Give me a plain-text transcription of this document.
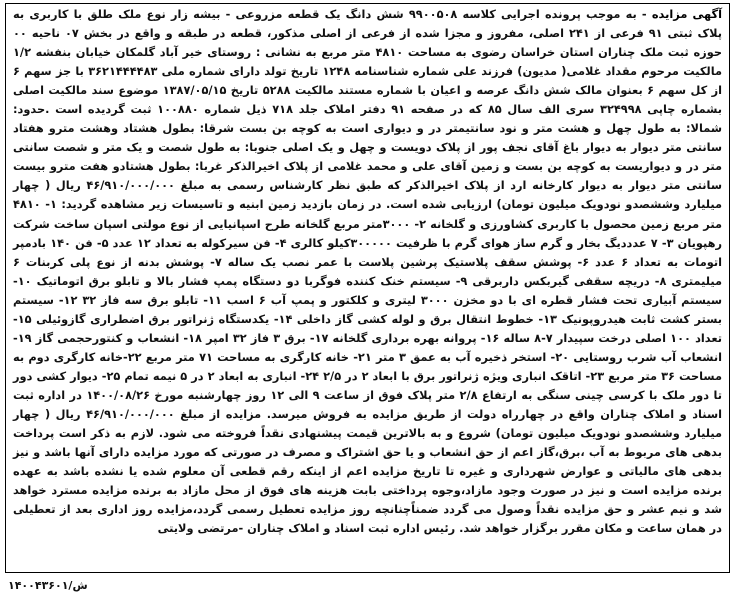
آگهی مزایده - به موجب پرونده اجرایی کلاسه ۹۹۰۰۵۰۸ شش دانگ یک قطعه مزروعی - بیشه زار نوع ملک طلق با کاربری به پلاک ثبتی ۹۱ فرعی از ۲۴۱ اصلی، مفروز و مجزا شده از فرعی از اصلی مذکور، قطعه در طبقه و واقع در بخش ۰۷ ناحیه ۰۰ حوزه ثبت ملک چناران استان خراسان رضوی به مساحت ۴۸۱۰ متر مربع به نشانی : روستای خیر آباد گلمکان خیابان بنفشه ۱/۲ مالکیت مرحوم مقداد غلامی( مدیون) فرزند علی شماره شناسنامه ۱۲۴۸ تاریخ تولد دارای شماره ملی ۳۶۲۱۴۴۴۴۸۳ با جز سهم ۶ از کل سهم ۶ بعنوان مالک شش دانگ عرصه و اعیان با شماره مستند مالکیت ۵۲۸۸ تاریخ ۱۳۸۷/۰۵/۱۵ موضوع سند مالکیت اصلی بشماره چاپی ۳۲۴۹۹۸ سری الف سال ۸۵ که در صفحه ۹۱ دفتر املاک جلد ۷۱۸ ذیل شماره ۱۰۰۸۸۰ ثبت گردیده است .حدود: شمالا: به طول چهل و هشت متر و نود سانتیمتر در و دیواری است به کوچه بن بست شرقا: بطول هشتاد وهشت مترو هفتاد سانتی متر دیوار به دیوار باغ آقای نجف پور از پلاک دویست و چهل و یک اصلی جنوبا: به طول شصت و یک متر و شصت سانتی متر در و دیواریست به کوچه بن بست و زمین آقای علی و محمد غلامی از پلاک اخیرالذکر غربا: بطول هشتادو هفت مترو بیست سانتی متر دیوار به دیوار کارخانه ارد از پلاک اخیرالذکر که طبق نظر کارشناس رسمی به مبلغ ۴۶/۹۱۰/۰۰۰/۰۰۰ ریال ( چهار میلیارد وششصدو نودویک میلیون تومان) ارزیابی شده است. در زمان بازدید زمین ابنیه و تاسیسات زیر مشاهده گردید: ۱- ۴۸۱۰ متر مربع زمین محصول با کاربری کشاورزی و گلخانه ۲- ۳۰۰۰متر مربع گلخانه طرح اسپانیایی از نوع مولتی اسپان ساخت شرکت رهپویان ۳- ۷ عدددیگ بخار و گرم ساز هوای گرم با ظرفیت ۳۰۰۰۰۰کیلو کالری ۴- فن سیرکوله به تعداد ۱۲ عدد ۵- فن ۱۴۰ بادمپر اتومات به تعداد ۶ عدد ۶- پوشش سقف پلاستیک پرشین پلاست با عمر نصب یک ساله ۷- پوشش بدنه از نوع پلی کربنات ۶ میلیمتری ۸- دریچه سقفی گیربکس داربرقی ۹- سیستم خنک کننده فوگربا دو دستگاه پمپ فشار بالا و تابلو برق اتوماتیک ۱۰- سیستم آبیاری تحت فشار قطره ای با دو مخزن ۳۰۰۰ لیتری و کلکتور و پمپ آب ۶ اسب ۱۱- تابلو برق سه فاز ۳۲ ۱۲- سیستم بستر کشت ثابت هیدروپونیک ۱۳- خطوط انتقال برق و لوله کشی گاز داخلی ۱۴- یکدستگاه ژنراتور برق اضطراری گازوئیلی ۱۵- تعداد ۱۰۰ اصلی درخت سپیدار ۷-۸ ساله ۱۶- پروانه بهره برداری گلخانه ۱۷- برق ۳ فاز ۳۲ امپر ۱۸- انشعاب و کنتورحجمی گاز ۱۹- انشعاب آب شرب روستایی ۲۰- استخر ذخیره آب به عمق ۳ متر ۲۱- خانه کارگری به مساحت ۷۱ متر مربع ۲۲-خانه کارگری دوم به مساحت ۳۶ متر مربع ۲۳- اتاقک انباری ویژه ژنراتور برق با ابعاد ۲ در ۲/۵ ۲۴- انباری به ابعاد ۲ در ۵ نیمه تمام ۲۵- دیوار کشی دور تا دور ملک با کرسی چینی سنگی به ارتفاع ۲/۸ متر پلاک فوق از ساعت ۹ الی ۱۲ روز چهارشنبه مورخ ۱۴۰۰/۰۸/۲۶ در اداره ثبت اسناد و املاک چناران واقع در چهارراه دولت از طریق مزایده به فروش میرسد. مزایده از مبلغ ۴۶/۹۱۰/۰۰۰/۰۰۰ ریال ( چهار میلیارد وششصدو نودویک میلیون تومان) شروع و به بالاترین قیمت پیشنهادی نقداً فروخته می شود. لازم به ذکر است پرداخت بدهی های مربوط به آب ،برق،گاز اعم از حق انشعاب و یا حق اشتراک و مصرف در صورتی که مورد مزایده دارای آنها باشد و نیز بدهی های مالیاتی و عوارض شهرداری و غیره تا تاریخ مزایده اعم از اینکه رقم قطعی آن معلوم شده یا نشده باشد به عهده برنده مزایده است و نیز در صورت وجود مازاد،وجوه پرداختی بابت هزینه های فوق از محل مازاد به برنده مزایده مسترد خواهد شد و نیم عشر و حق مزایده نقداً وصول می گردد ضمناًچنانچه روز مزایده تعطیل رسمی گردد،مزایده روز اداری بعد از تعطیلی در همان ساعت و مکان مقرر برگزار خواهد شد. رئیس اداره ثبت اسناد و املاک چناران -مرتضی ولایتی

۱۴۰۰۴۳۶۰۱/ش
